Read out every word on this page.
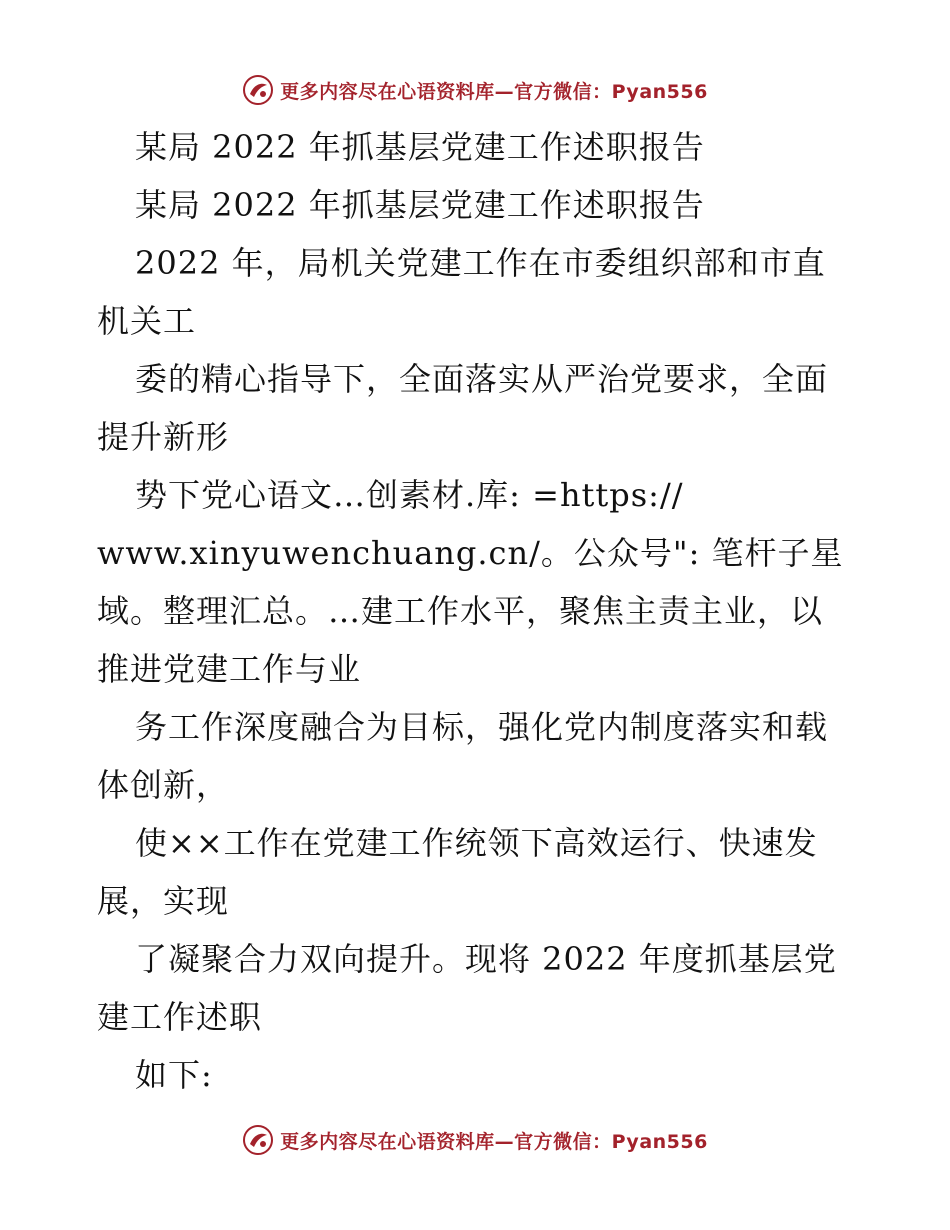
更多内容尽在心语资料库—官方微信：Pyan556
某局 2022 年抓基层党建工作述职报告
某局 2022 年抓基层党建工作述职报告
2022 年，局机关党建工作在市委组织部和市直
机关工
委的精心指导下，全面落实从严治党要求，全面
提升新形
势下党心语文…创素材.库: =https://
www.xinyuwenchuang.cn/。公众号": 笔杆子星
域。整理汇总。…建工作水平，聚焦主责主业，以
推进党建工作与业
务工作深度融合为目标，强化党内制度落实和载
体创新，
使××工作在党建工作统领下高效运行、快速发
展，实现
了凝聚合力双向提升。现将 2022 年度抓基层党
建工作述职
如下:
更多内容尽在心语资料库—官方微信：Pyan556
